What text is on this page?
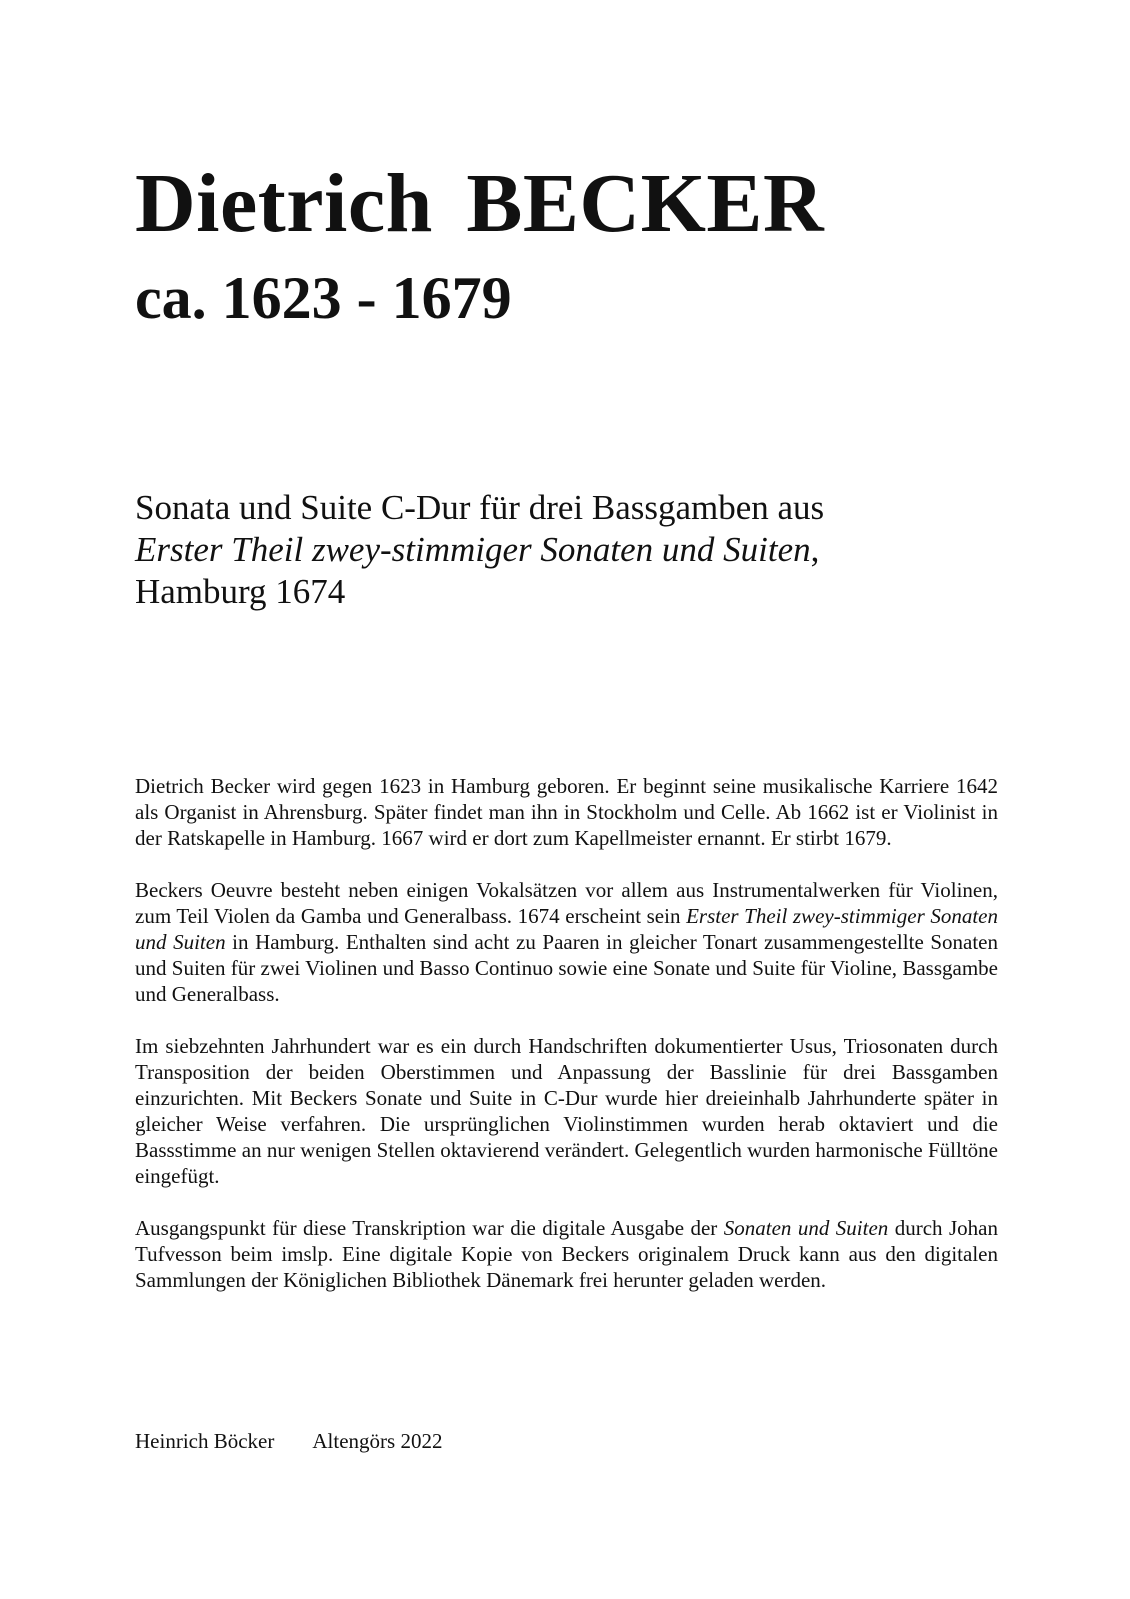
Dietrich BECKER
ca. 1623 - 1679
Sonata und Suite C-Dur für drei Bassgamben aus
Erster Theil zwey-stimmiger Sonaten und Suiten,
Hamburg 1674

Dietrich Becker wird gegen 1623 in Hamburg geboren. Er beginnt seine musikalische Karriere 1642 als Organist in Ahrensburg. Später findet man ihn in Stockholm und Celle. Ab 1662 ist er Violinist in der Ratskapelle in Hamburg. 1667 wird er dort zum Kapellmeister ernannt. Er stirbt 1679.

Beckers Oeuvre besteht neben einigen Vokalsätzen vor allem aus Instrumentalwerken für Violinen, zum Teil Violen da Gamba und Generalbass. 1674 erscheint sein Erster Theil zwey-stimmiger Sonaten und Suiten in Hamburg. Enthalten sind acht zu Paaren in gleicher Tonart zusammengestellte Sonaten und Suiten für zwei Violinen und Basso Continuo sowie eine Sonate und Suite für Violine, Bassgambe und Generalbass.

Im siebzehnten Jahrhundert war es ein durch Handschriften dokumentierter Usus, Triosonaten durch Transposition der beiden Oberstimmen und Anpassung der Basslinie für drei Bassgamben einzurichten. Mit Beckers Sonate und Suite in C-Dur wurde hier dreieinhalb Jahrhunderte später in gleicher Weise verfahren. Die ursprünglichen Violinstimmen wurden herab oktaviert und die Bassstimme an nur wenigen Stellen oktavierend verändert. Gelegentlich wurden harmonische Fülltöne eingefügt.

Ausgangspunkt für diese Transkription war die digitale Ausgabe der Sonaten und Suiten durch Johan Tufvesson beim imslp. Eine digitale Kopie von Beckers originalem Druck kann aus den digitalen Sammlungen der Königlichen Bibliothek Dänemark frei herunter geladen werden.

Heinrich Böcker Altengörs 2022
